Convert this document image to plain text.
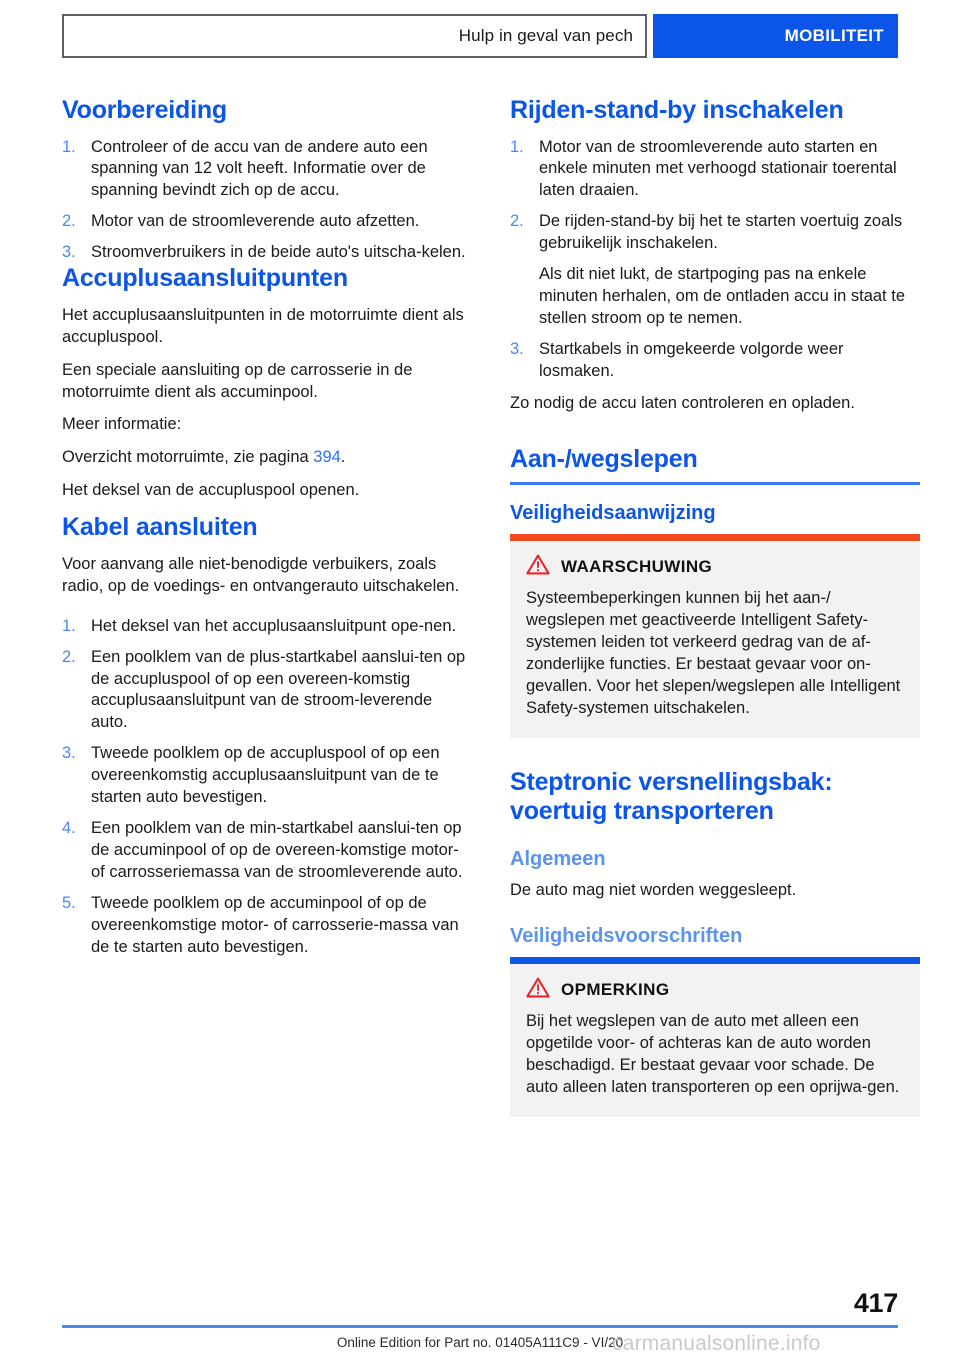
Hulp in geval van pech	MOBILITEIT
Voorbereiding
1. Controleer of de accu van de andere auto een spanning van 12 volt heeft. Informatie over de spanning bevindt zich op de accu.
2. Motor van de stroomleverende auto afzetten.
3. Stroomverbruikers in de beide auto's uitscha-kelen.
Accuplusaansluitpunten

Het accuplusaansluitpunten in de motorruimte dient als accupluspool.

Een speciale aansluiting op de carrosserie in de motorruimte dient als accuminpool.

Meer informatie:

Overzicht motorruimte, zie pagina 394.

Het deksel van de accupluspool openen.

Kabel aansluiten

Voor aanvang alle niet-benodigde verbuikers, zoals radio, op de voedings- en ontvangerauto uitschakelen.

1. Het deksel van het accuplusaansluitpunt ope-nen.
2. Een poolklem van de plus-startkabel aanslui-ten op de accupluspool of op een overeen-komstig accuplusaansluitpunt van de stroom-leverende auto.
3. Tweede poolklem op de accupluspool of op een overeenkomstig accuplusaansluitpunt van de te starten auto bevestigen.
4. Een poolklem van de min-startkabel aanslui-ten op de accuminpool of op de overeen-komstige motor- of carrosseriemassa van de stroomleverende auto.
5. Tweede poolklem op de accuminpool of op de overeenkomstige motor- of carrosserie-massa van de te starten auto bevestigen.
Rijden-stand-by inschakelen
1. Motor van de stroomleverende auto starten en enkele minuten met verhoogd stationair toerental laten draaien.
2. De rijden-stand-by bij het te starten voertuig zoals gebruikelijk inschakelen.
Als dit niet lukt, de startpoging pas na enkele minuten herhalen, om de ontladen accu in staat te stellen stroom op te nemen.
3. Startkabels in omgekeerde volgorde weer losmaken.

Zo nodig de accu laten controleren en opladen.

Aan-/wegslepen
Veiligheidsaanwijzing
WAARSCHUWING

Systeembeperkingen kunnen bij het aan-/ wegslepen met geactiveerde Intelligent Safety-systemen leiden tot verkeerd gedrag van de af-zonderlijke functies. Er bestaat gevaar voor on-gevallen. Voor het slepen/wegslepen alle Intelligent Safety-systemen uitschakelen.

Steptronic versnellingsbak: voertuig transporteren
Algemeen

De auto mag niet worden weggesleept.

Veiligheidsvoorschriften
OPMERKING

Bij het wegslepen van de auto met alleen een opgetilde voor- of achteras kan de auto worden beschadigd. Er bestaat gevaar voor schade. De auto alleen laten transporteren op een oprijwa-gen.

417
Online Edition for Part no. 01405A111C9 - VI/20
carmanualsonline.info
